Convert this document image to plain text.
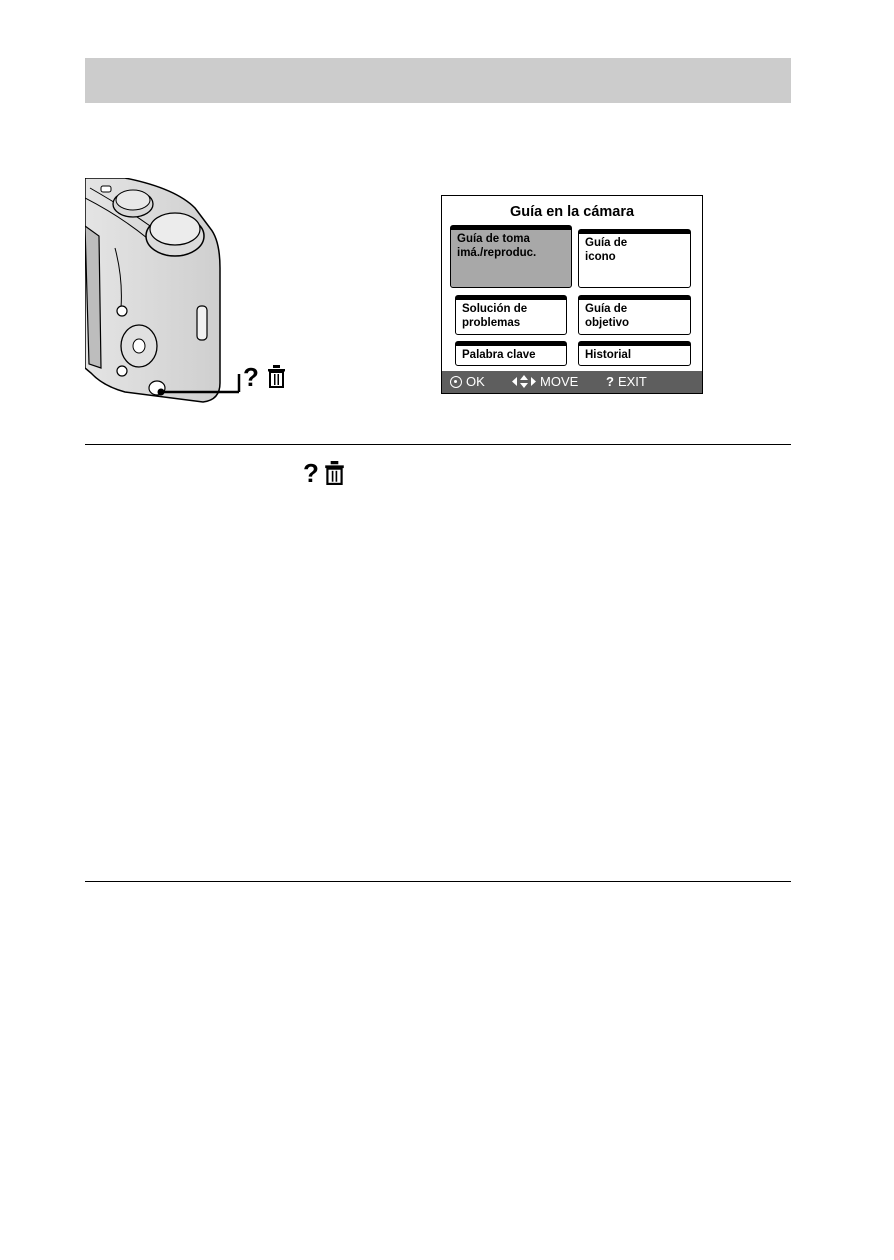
?
Guía en la cámara
Guía de toma
imá./reproduc.
Guía de
icono
Solución de
problemas
Guía de
objetivo
Palabra clave	Historial
OK	MOVE ? EXIT
?
